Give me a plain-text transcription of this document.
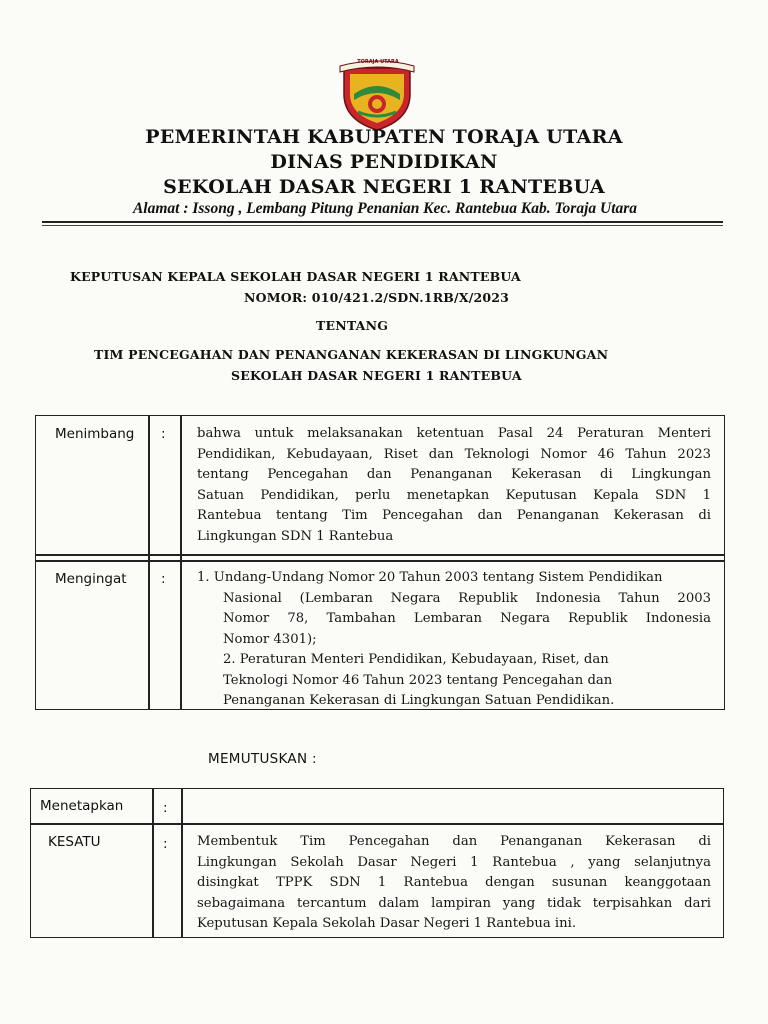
TORAJA UTARA
PEMERINTAH KABUPATEN TORAJA UTARA
DINAS PENDIDIKAN
SEKOLAH DASAR NEGERI 1 RANTEBUA
Alamat : Issong , Lembang Pitung Penanian Kec. Rantebua Kab. Toraja Utara
KEPUTUSAN KEPALA SEKOLAH DASAR NEGERI 1 RANTEBUA
NOMOR: 010/421.2/SDN.1RB/X/2023
TENTANG
TIM PENCEGAHAN DAN PENANGANAN KEKERASAN DI LINGKUNGAN
SEKOLAH DASAR NEGERI 1 RANTEBUA
Menimbang : bahwa untuk melaksanakan ketentuan Pasal 24 Peraturan Menteri
Pendidikan, Kebudayaan, Riset dan Teknologi Nomor 46 Tahun 2023
tentang Pencegahan dan Penanganan Kekerasan di Lingkungan
Satuan Pendidikan, perlu menetapkan Keputusan Kepala SDN 1
Rantebua tentang Tim Pencegahan dan Penanganan Kekerasan di
Lingkungan SDN 1 Rantebua
Mengingat	: 1. Undang-Undang Nomor 20 Tahun 2003 tentang Sistem Pendidikan
Nasional (Lembaran Negara Republik Indonesia Tahun 2003
Nomor 78, Tambahan Lembaran Negara Republik Indonesia
Nomor 4301);
2. Peraturan Menteri Pendidikan, Kebudayaan, Riset, dan
Teknologi Nomor 46 Tahun 2023 tentang Pencegahan dan
Penanganan Kekerasan di Lingkungan Satuan Pendidikan.
MEMUTUSKAN :
Menetapkan	:
KESATU	: Membentuk Tim Pencegahan dan Penanganan Kekerasan di
Lingkungan Sekolah Dasar Negeri 1 Rantebua , yang selanjutnya
disingkat TPPK SDN 1 Rantebua dengan susunan keanggotaan
sebagaimana tercantum dalam lampiran yang tidak terpisahkan dari
Keputusan Kepala Sekolah Dasar Negeri 1 Rantebua ini.
